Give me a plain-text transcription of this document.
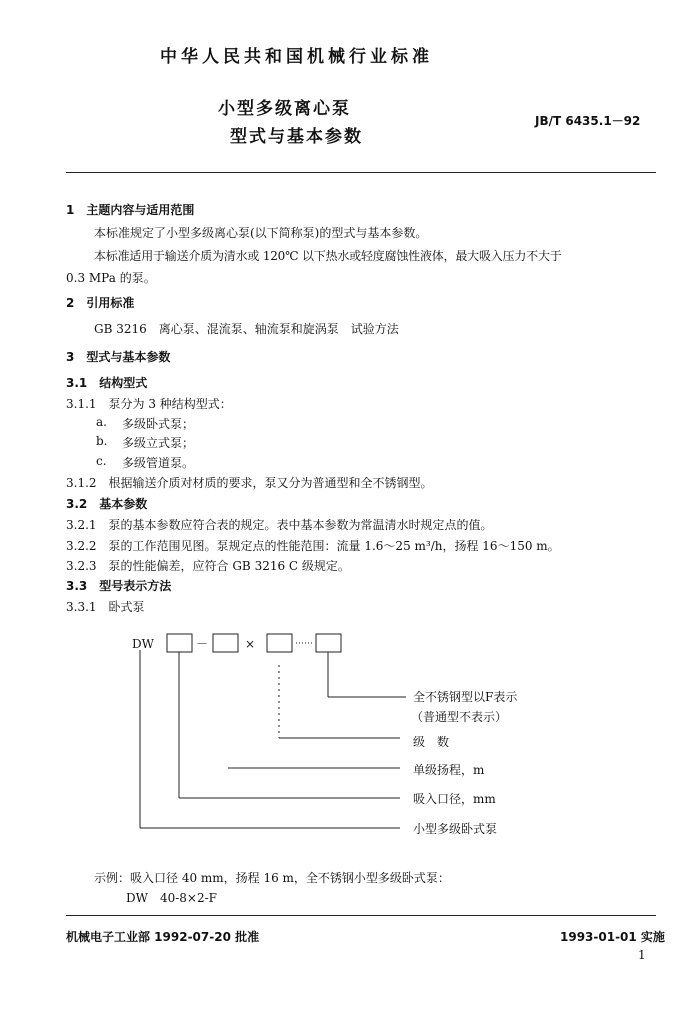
中华人民共和国机械行业标准
小型多级离心泵
型式与基本参数
JB/T 6435.1－92
1　主题内容与适用范围
本标准规定了小型多级离心泵(以下简称泵)的型式与基本参数。
本标准适用于输送介质为清水或 120℃ 以下热水或轻度腐蚀性液体，最大吸入压力不大于
0.3 MPa 的泵。
2　引用标准
GB 3216　离心泵、混流泵、轴流泵和旋涡泵　试验方法
3　型式与基本参数
3.1　结构型式
3.1.1　泵分为 3 种结构型式：
a. 多级卧式泵；
b. 多级立式泵；
c. 多级管道泵。
3.1.2　根据输送介质对材质的要求，泵又分为普通型和全不锈钢型。
3.2　基本参数
3.2.1　泵的基本参数应符合表的规定。表中基本参数为常温清水时规定点的值。
3.2.2　泵的工作范围见图。泵规定点的性能范围：流量 1.6～25 m³/h，扬程 16～150 m。
3.2.3　泵的性能偏差，应符合 GB 3216 C 级规定。
3.3　型号表示方法
3.3.1　卧式泵
DW	－	×
全不锈钢型以F表示
（普通型不表示）
级　数
单级扬程，m
吸入口径，mm
小型多级卧式泵
示例：吸入口径 40 mm，扬程 16 m，全不锈钢小型多级卧式泵：
DW　40-8×2-F
机械电子工业部 1992-07-20 批准	1993-01-01 实施
1
